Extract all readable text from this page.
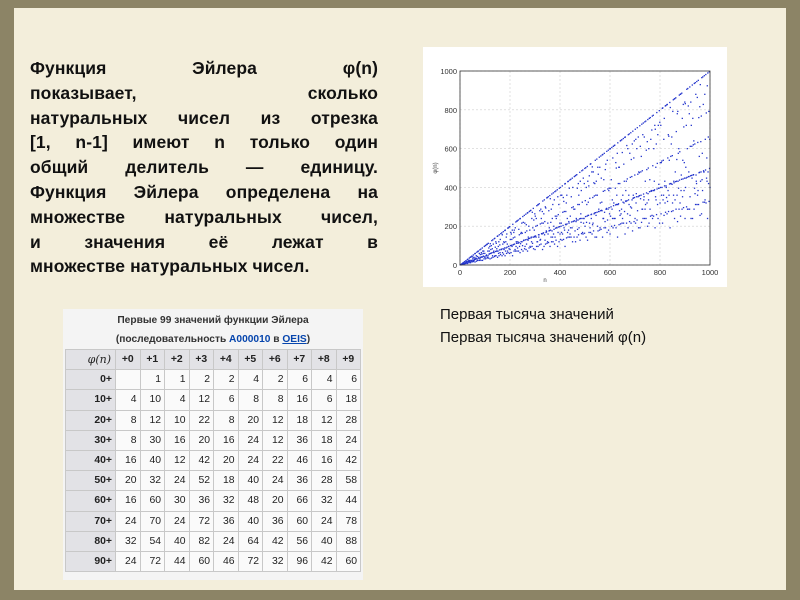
Функция Эйлера φ(n)
показывает, сколько
натуральных чисел из отрезка
[1, n-1] имеют n только один
общий делитель — единицу.
Функция Эйлера определена на
множестве натуральных чисел,
и значения её лежат в
множестве натуральных чисел.	0	200	400	600	800	1000
0
200
400
600
800
1000
n
φ(n)
Первая тысяча значений
Первая тысяча значений φ(n)
Первые 99 значений функции Эйлера
(последовательность A000010 в OEIS)
φ(n)	+0	+1	+2	+3	+4	+5	+6	+7	+8	+9
0+		1	1	2	2	4	2	6	4	6
10+	4	10	4	12	6	8	8	16	6	18
20+	8	12	10	22	8	20	12	18	12	28
30+	8	30	16	20	16	24	12	36	18	24
40+	16	40	12	42	20	24	22	46	16	42
50+	20	32	24	52	18	40	24	36	28	58
60+	16	60	30	36	32	48	20	66	32	44
70+	24	70	24	72	36	40	36	60	24	78
80+	32	54	40	82	24	64	42	56	40	88
90+	24	72	44	60	46	72	32	96	42	60
